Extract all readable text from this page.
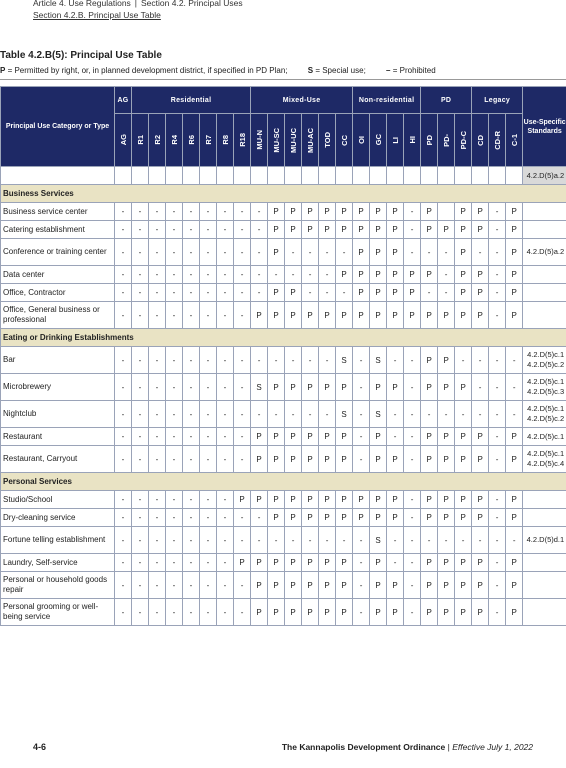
Article 4. Use Regulations | Section 4.2. Principal Uses
Section 4.2.B. Principal Use Table
Table 4.2.B(5): Principal Use Table
P = Permitted by right, or, in planned development district, if specified in PD Plan;	S = Special use;	– = Prohibited
Principal Use Category or Type	AG	Residential							Mixed-Use						Non-residential				PD			Legacy			Use-Specific Standards

	AG	R1	R2	R4	R6	R7	R8	R18	MU-N	MU-SC	MU-UC	MU-AC	TOD	CC	OI	GC	LI	HI	PD	PD-	PD-C	CD	CD-R	C-1	

																									4.2.D(5)a.2

Business Services																									
Business service center	-	-	-	-	-	-	-	-	-	P	P	P	P	P	P	P	P	-	P		P	P	-	P	
Catering establishment	-	-	-	-	-	-	-	-	-	P	P	P	P	P	P	P	P	-	P	P	P	P	-	P	
Conference or training center	-	-	-	-	-	-	-	-	-	P	-	-	-	-	P	P	P	-	-	-	P	-	-	P	4.2.D(5)a.2

Data center	-	-	-	-	-	-	-	-	-	-	-	-	-	P	P	P	P	P	P	-	P	P	-	P	
Office, Contractor	-	-	-	-	-	-	-	-	-	P	P	-	-	-	P	P	P	P	-	-	P	P	-	P	
Office, General business or professional	-	-	-	-	-	-	-	-	P	P	P	P	P	P	P	P	P	P	P	P	P	P	-	P	
Eating or Drinking Establishments																									
Bar	-	-	-	-	-	-	-	-	-	-	-	-	-	S	-	S	-	-	P	P	-	-	-	-	4.2.D(5)c.1
4.2.D(5)c.2

Microbrewery	-	-	-	-	-	-	-	-	S	P	P	P	P	P	-	P	P	-	P	P	P	-	-	-	4.2.D(5)c.1
4.2.D(5)c.3

Nightclub	-	-	-	-	-	-	-	-	-	-	-	-	-	S	-	S	-	-	-	-	-	-	-	-	4.2.D(5)c.1
4.2.D(5)c.2

Restaurant	-	-	-	-	-	-	-	-	P	P	P	P	P	P	-	P	-	-	P	P	P	P	-	P	4.2.D(5)c.1

Restaurant, Carryout	-	-	-	-	-	-	-	-	P	P	P	P	P	P	-	P	P	-	P	P	P	P	-	P	4.2.D(5)c.1
4.2.D(5)c.4

Personal Services																									
Studio/School	-	-	-	-	-	-	-	P	P	P	P	P	P	P	P	P	P	-	P	P	P	P	-	P	
Dry-cleaning service	-	-	-	-	-	-	-	-	-	P	P	P	P	P	P	P	P	-	P	P	P	P	-	P	
Fortune telling establishment	-	-	-	-	-	-	-	-	-	-	-	-	-	-	-	S	-	-	-	-	-	-	-	-	4.2.D(5)d.1

Laundry, Self-service	-	-	-	-	-	-	-	P	P	P	P	P	P	P	-	P	-	-	P	P	P	P	-	P	
Personal or household goods repair	-	-	-	-	-	-	-	-	P	P	P	P	P	P	-	P	P	-	P	P	P	P	-	P	
Personal grooming or well-being service	-	-	-	-	-	-	-	-	P	P	P	P	P	P	-	P	P	-	P	P	P	P	-	P	
4-6	The Kannapolis Development Ordinance | Effective July 1, 2022
